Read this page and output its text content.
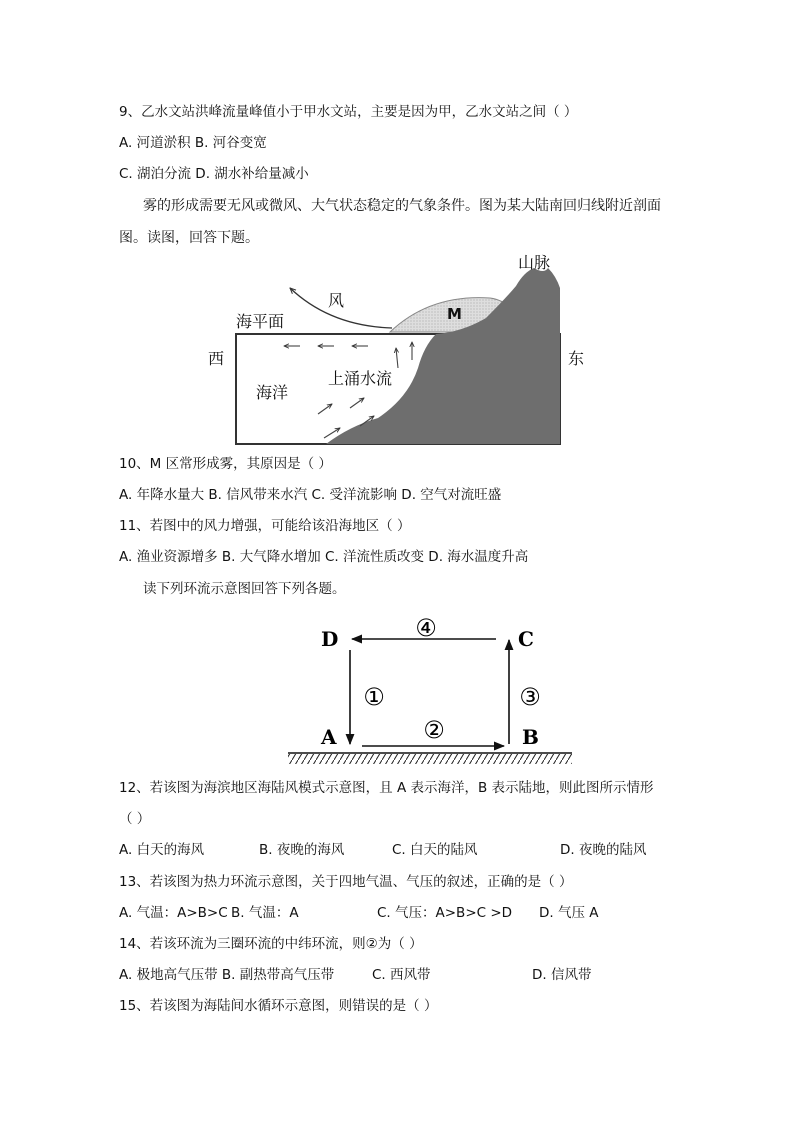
9、乙水文站洪峰流量峰值小于甲水文站，主要是因为甲，乙水文站之间（ ）
A. 河道淤积 B. 河谷变宽
C. 湖泊分流 D. 湖水补给量减小
雾的形成需要无风或微风、大气状态稳定的气象条件。图为某大陆南回归线附近剖面
图。读图，回答下题。
山脉
风
M
海平面
西	东
海洋
上涌水流
10、M 区常形成雾，其原因是（ ）
A. 年降水量大 B. 信风带来水汽 C. 受洋流影响 D. 空气对流旺盛
11、若图中的风力增强，可能给该沿海地区（ ）
A. 渔业资源增多 B. 大气降水增加 C. 洋流性质改变 D. 海水温度升高
读下列环流示意图回答下列各题。
D	C
A	B
④
①
②
③
12、若该图为海滨地区海陆风模式示意图，且 A 表示海洋，B 表示陆地，则此图所示情形
（ ）
A. 白天的海风	B. 夜晚的海风	C. 白天的陆风	D. 夜晚的陆风
13、若该图为热力环流示意图，关于四地气温、气压的叙述，正确的是（ ）
A. 气温：A>B>C B. 气温：A	C. 气压：A>B>C >D D. 气压 A
14、若该环流为三圈环流的中纬环流，则②为（ ）
A. 极地高气压带 B. 副热带高气压带	C. 西风带	D. 信风带
15、若该图为海陆间水循环示意图，则错误的是（ ）
